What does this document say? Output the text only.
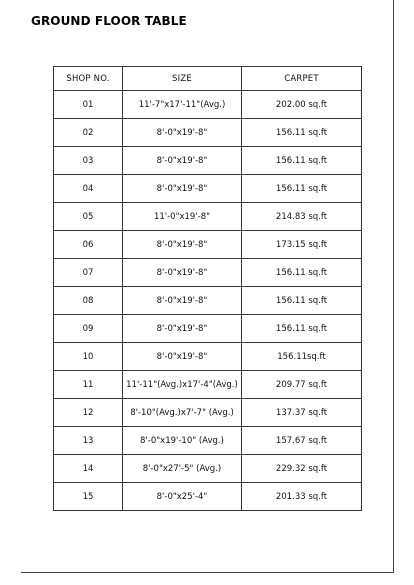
GROUND FLOOR TABLE
SHOP NO.	SIZE	CARPET
01	11'-7"x17'-11"(Avg.)	202.00 sq.ft
02	8'-0"x19'-8"	156.11 sq.ft
03	8'-0"x19'-8"	156.11 sq.ft
04	8'-0"x19'-8"	156.11 sq.ft
05	11'-0"x19'-8"	214.83 sq.ft
06	8'-0"x19'-8"	173.15 sq.ft
07	8'-0"x19'-8"	156.11 sq.ft
08	8'-0"x19'-8"	156.11 sq.ft
09	8'-0"x19'-8"	156.11 sq.ft
10	8'-0"x19'-8"	156.11sq.ft
11	11'-11"(Avg.)x17'-4"(Avg.)	209.77 sq.ft
12	8'-10"(Avg.)x7'-7" (Avg.)	137.37 sq.ft
13	8'-0"x19'-10" (Avg.)	157.67 sq.ft
14	8'-0"x27'-5" (Avg.)	229.32 sq.ft
15	8'-0"x25'-4"	201.33 sq.ft
